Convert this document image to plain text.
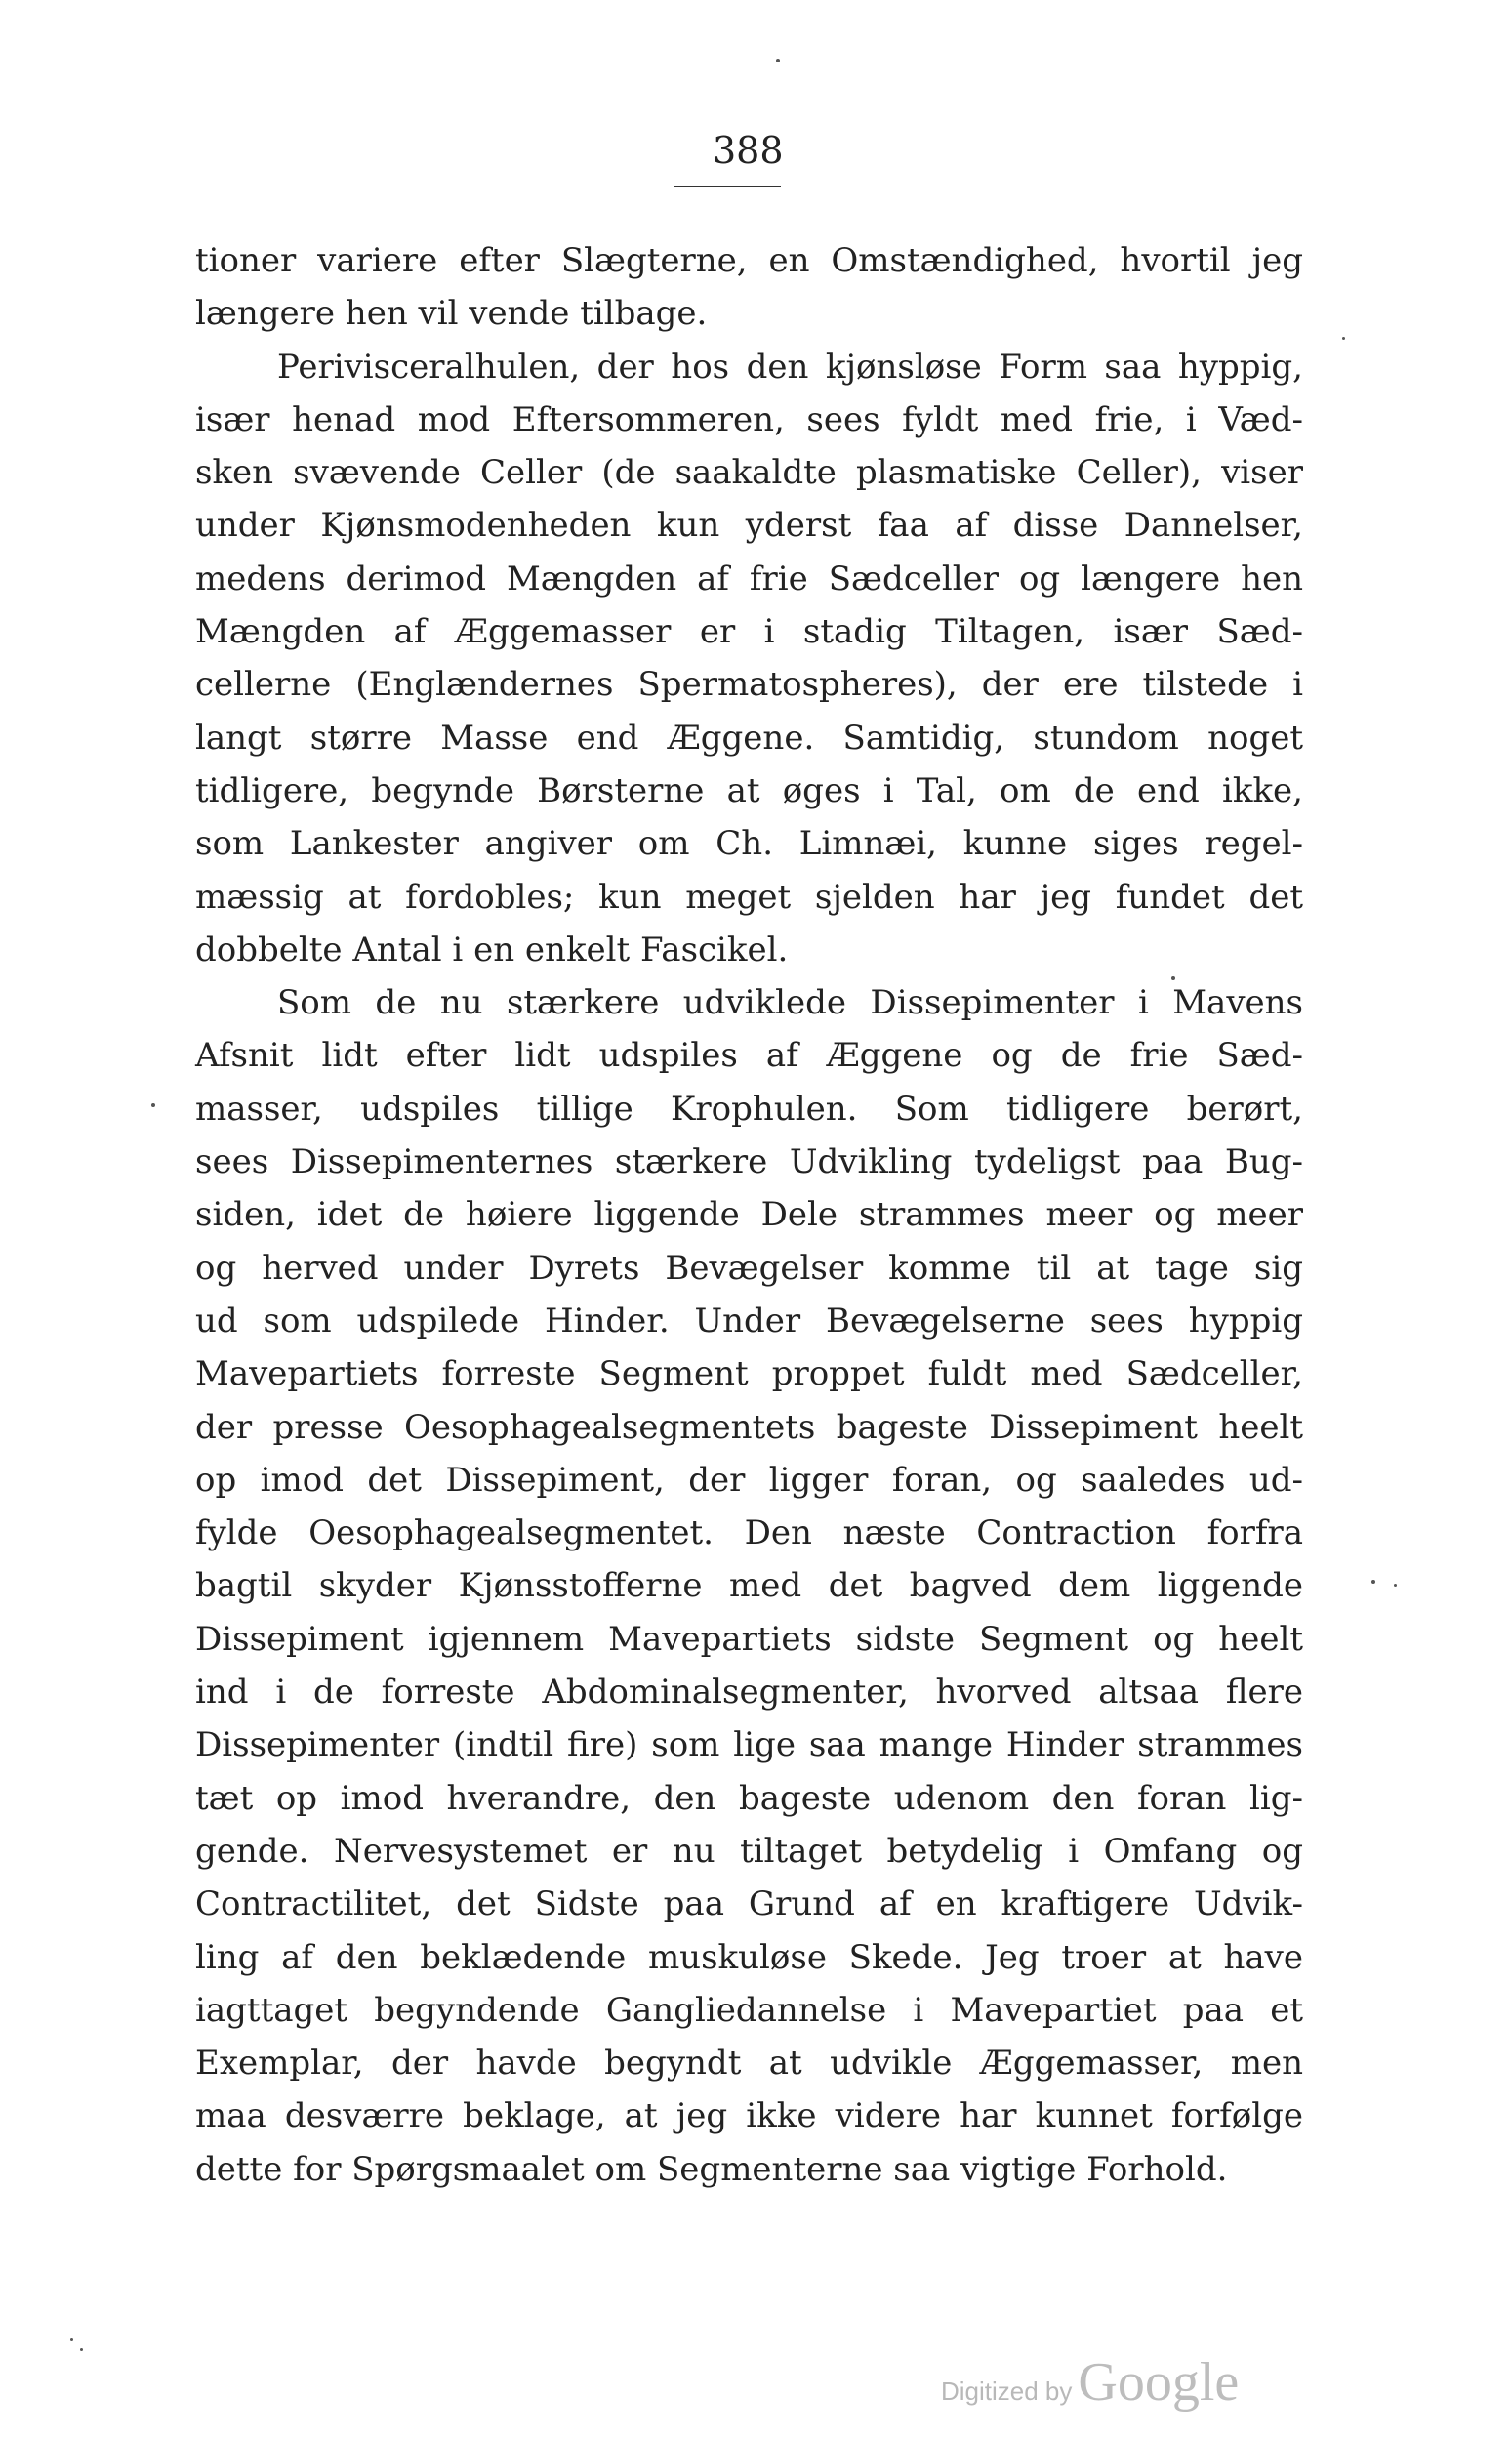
388
tioner variere efter Slægterne, en Omstændighed, hvortil jeg
længere hen vil vende tilbage.
Perivisceralhulen, der hos den kjønsløse Form saa hyppig,
især henad mod Eftersommeren, sees fyldt med frie, i Væd-
sken svævende Celler (de saakaldte plasmatiske Celler), viser
under Kjønsmodenheden kun yderst faa af disse Dannelser,
medens derimod Mængden af frie Sædceller og længere hen
Mængden af Æggemasser er i stadig Tiltagen, især Sæd-
cellerne (Englændernes Spermatospheres), der ere tilstede i
langt større Masse end Æggene. Samtidig, stundom noget
tidligere, begynde Børsterne at øges i Tal, om de end ikke,
som Lankester angiver om Ch. Limnæi, kunne siges regel-
mæssig at fordobles; kun meget sjelden har jeg fundet det
dobbelte Antal i en enkelt Fascikel.
Som de nu stærkere udviklede Dissepimenter i Mavens
Afsnit lidt efter lidt udspiles af Æggene og de frie Sæd-
masser, udspiles tillige Krophulen. Som tidligere berørt,
sees Dissepimenternes stærkere Udvikling tydeligst paa Bug-
siden, idet de høiere liggende Dele strammes meer og meer
og herved under Dyrets Bevægelser komme til at tage sig
ud som udspilede Hinder. Under Bevægelserne sees hyppig
Mavepartiets forreste Segment proppet fuldt med Sædceller,
der presse Oesophagealsegmentets bageste Dissepiment heelt
op imod det Dissepiment, der ligger foran, og saaledes ud-
fylde Oesophagealsegmentet. Den næste Contraction forfra
bagtil skyder Kjønsstofferne med det bagved dem liggende
Dissepiment igjennem Mavepartiets sidste Segment og heelt
ind i de forreste Abdominalsegmenter, hvorved altsaa flere
Dissepimenter (indtil fire) som lige saa mange Hinder strammes
tæt op imod hverandre, den bageste udenom den foran lig-
gende. Nervesystemet er nu tiltaget betydelig i Omfang og
Contractilitet, det Sidste paa Grund af en kraftigere Udvik-
ling af den beklædende muskuløse Skede. Jeg troer at have
iagttaget begyndende Gangliedannelse i Mavepartiet paa et
Exemplar, der havde begyndt at udvikle Æggemasser, men
maa desværre beklage, at jeg ikke videre har kunnet forfølge
dette for Spørgsmaalet om Segmenterne saa vigtige Forhold.
Digitized by Google
